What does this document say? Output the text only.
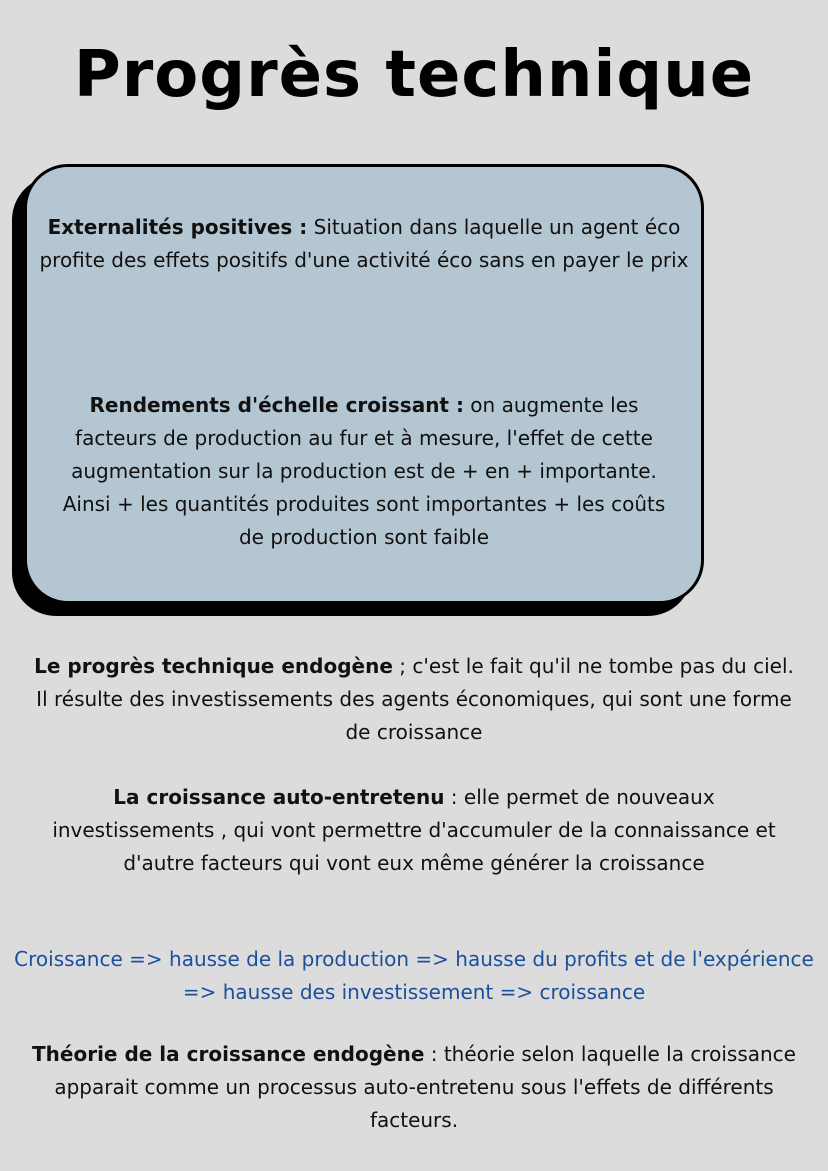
Progrès technique

Externalités positives : Situation dans laquelle un agent éco profite des effets positifs d'une activité éco sans en payer le prix

Rendements d'échelle croissant : on augmente les facteurs de production au fur et à mesure, l'effet de cette augmentation sur la production est de + en + importante. Ainsi + les quantités produites sont importantes + les coûts de production sont faible

Le progrès technique endogène ; c'est le fait qu'il ne tombe pas du ciel. Il résulte des investissements des agents économiques, qui sont une forme de croissance

La croissance auto-entretenu : elle permet de nouveaux investissements , qui vont permettre d'accumuler de la connaissance et d'autre facteurs qui vont eux même générer la croissance

Croissance => hausse de la production => hausse du profits et de l'expérience => hausse des investissement => croissance

Théorie de la croissance endogène : théorie selon laquelle la croissance apparait comme un processus auto-entretenu sous l'effets de différents facteurs.
